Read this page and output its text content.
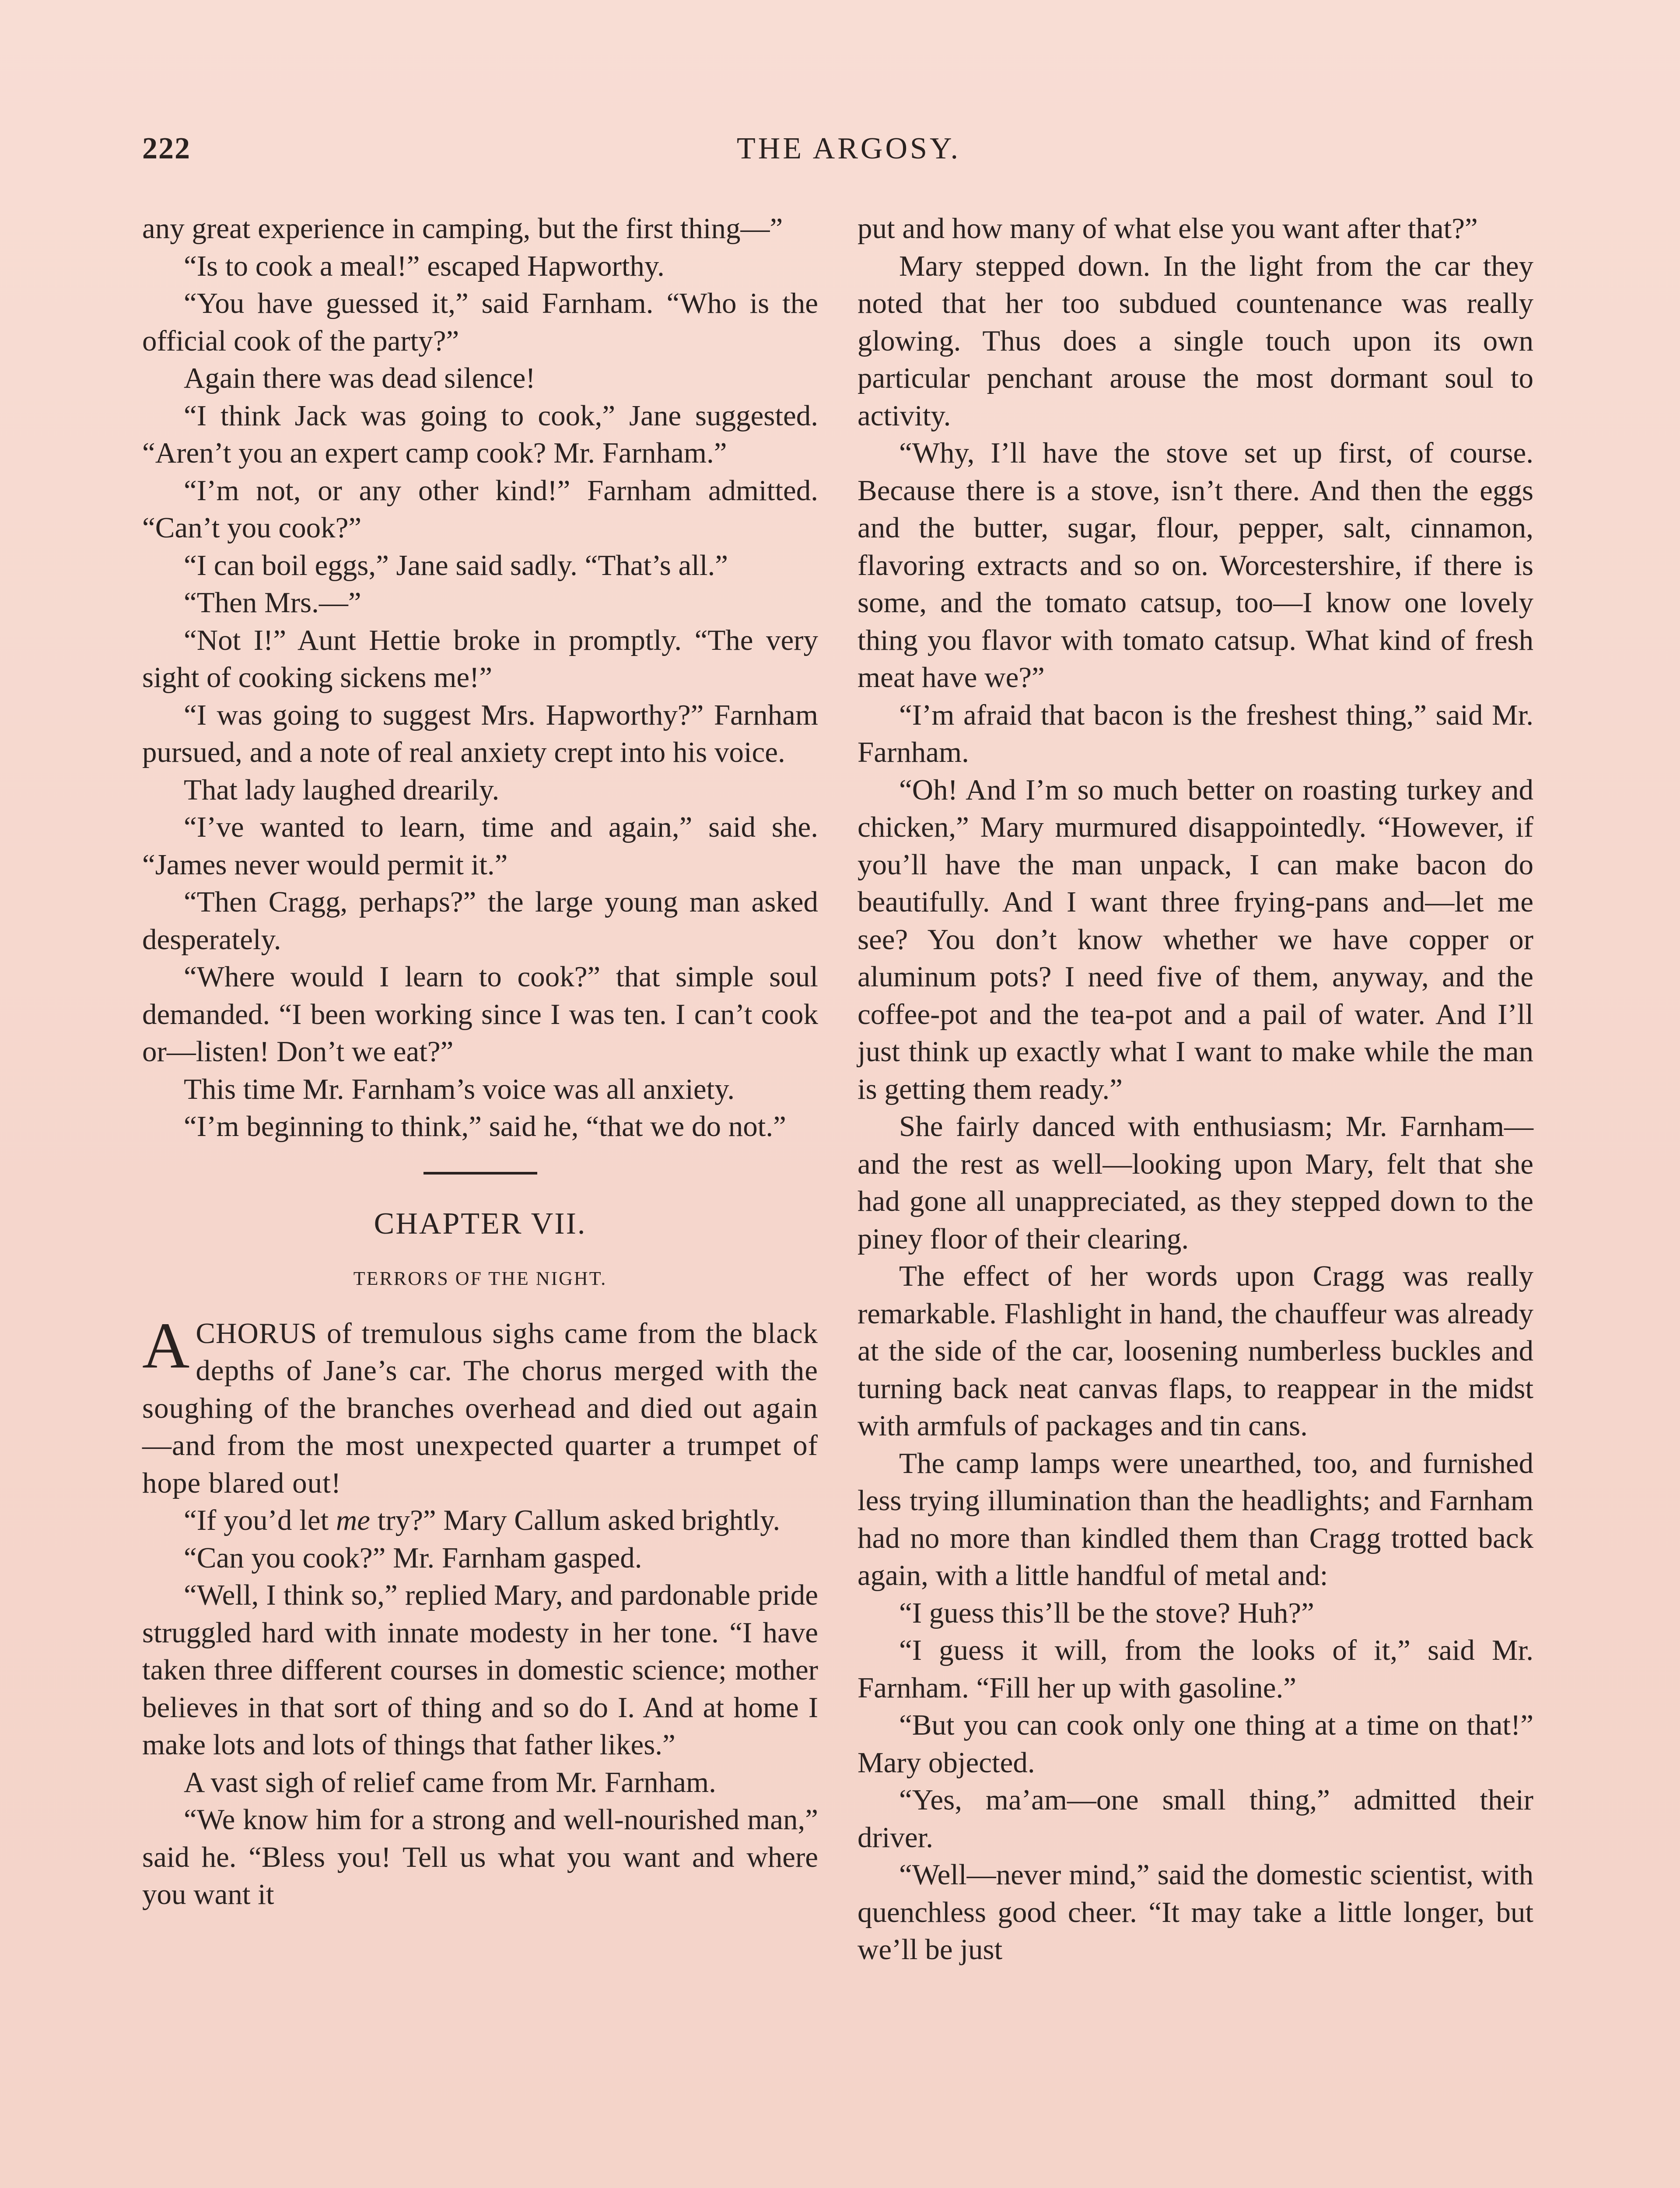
222	THE ARGOSY.

any great experience in camping, but the first thing—”

“Is to cook a meal!” escaped Hapworthy.

“You have guessed it,” said Farnham. “Who is the official cook of the party?”

Again there was dead silence!

“I think Jack was going to cook,” Jane suggested. “Aren’t you an expert camp cook? Mr. Farnham.”

“I’m not, or any other kind!” Farnham admitted. “Can’t you cook?”

“I can boil eggs,” Jane said sadly. “That’s all.”

“Then Mrs.—”

“Not I!” Aunt Hettie broke in promptly. “The very sight of cooking sickens me!”

“I was going to suggest Mrs. Hapworthy?” Farnham pursued, and a note of real anxiety crept into his voice.

That lady laughed drearily.

“I’ve wanted to learn, time and again,” said she. “James never would permit it.”

“Then Cragg, perhaps?” the large young man asked desperately.

“Where would I learn to cook?” that simple soul demanded. “I been working since I was ten. I can’t cook or—listen! Don’t we eat?”

This time Mr. Farnham’s voice was all anxiety.

“I’m beginning to think,” said he, “that we do not.”

CHAPTER VII.
TERRORS OF THE NIGHT.

ACHORUS of tremulous sighs came from the black depths of Jane’s car. The chorus merged with the soughing of the branches overhead and died out again—and from the most unexpected quarter a trumpet of hope blared out!

“If you’d let me try?” Mary Callum asked brightly.

“Can you cook?” Mr. Farnham gasped.

“Well, I think so,” replied Mary, and pardonable pride struggled hard with innate modesty in her tone. “I have taken three different courses in domestic science; mother believes in that sort of thing and so do I. And at home I make lots and lots of things that father likes.”

A vast sigh of relief came from Mr. Farnham.

“We know him for a strong and well-nourished man,” said he. “Bless you! Tell us what you want and where you want it

put and how many of what else you want after that?”

Mary stepped down. In the light from the car they noted that her too subdued countenance was really glowing. Thus does a single touch upon its own particular penchant arouse the most dormant soul to activity.

“Why, I’ll have the stove set up first, of course. Because there is a stove, isn’t there. And then the eggs and the butter, sugar, flour, pepper, salt, cinnamon, flavoring extracts and so on. Worcestershire, if there is some, and the tomato catsup, too—I know one lovely thing you flavor with tomato catsup. What kind of fresh meat have we?”

“I’m afraid that bacon is the freshest thing,” said Mr. Farnham.

“Oh! And I’m so much better on roasting turkey and chicken,” Mary murmured disappointedly. “However, if you’ll have the man unpack, I can make bacon do beautifully. And I want three frying-pans and—let me see? You don’t know whether we have copper or aluminum pots? I need five of them, anyway, and the coffee-pot and the tea-pot and a pail of water. And I’ll just think up exactly what I want to make while the man is getting them ready.”

She fairly danced with enthusiasm; Mr. Farnham—and the rest as well—looking upon Mary, felt that she had gone all unappreciated, as they stepped down to the piney floor of their clearing.

The effect of her words upon Cragg was really remarkable. Flashlight in hand, the chauffeur was already at the side of the car, loosening numberless buckles and turning back neat canvas flaps, to reappear in the midst with armfuls of packages and tin cans.

The camp lamps were unearthed, too, and furnished less trying illumination than the headlights; and Farnham had no more than kindled them than Cragg trotted back again, with a little handful of metal and:

“I guess this’ll be the stove? Huh?”

“I guess it will, from the looks of it,” said Mr. Farnham. “Fill her up with gasoline.”

“But you can cook only one thing at a time on that!” Mary objected.

“Yes, ma’am—one small thing,” admitted their driver.

“Well—never mind,” said the domestic scientist, with quenchless good cheer. “It may take a little longer, but we’ll be just
